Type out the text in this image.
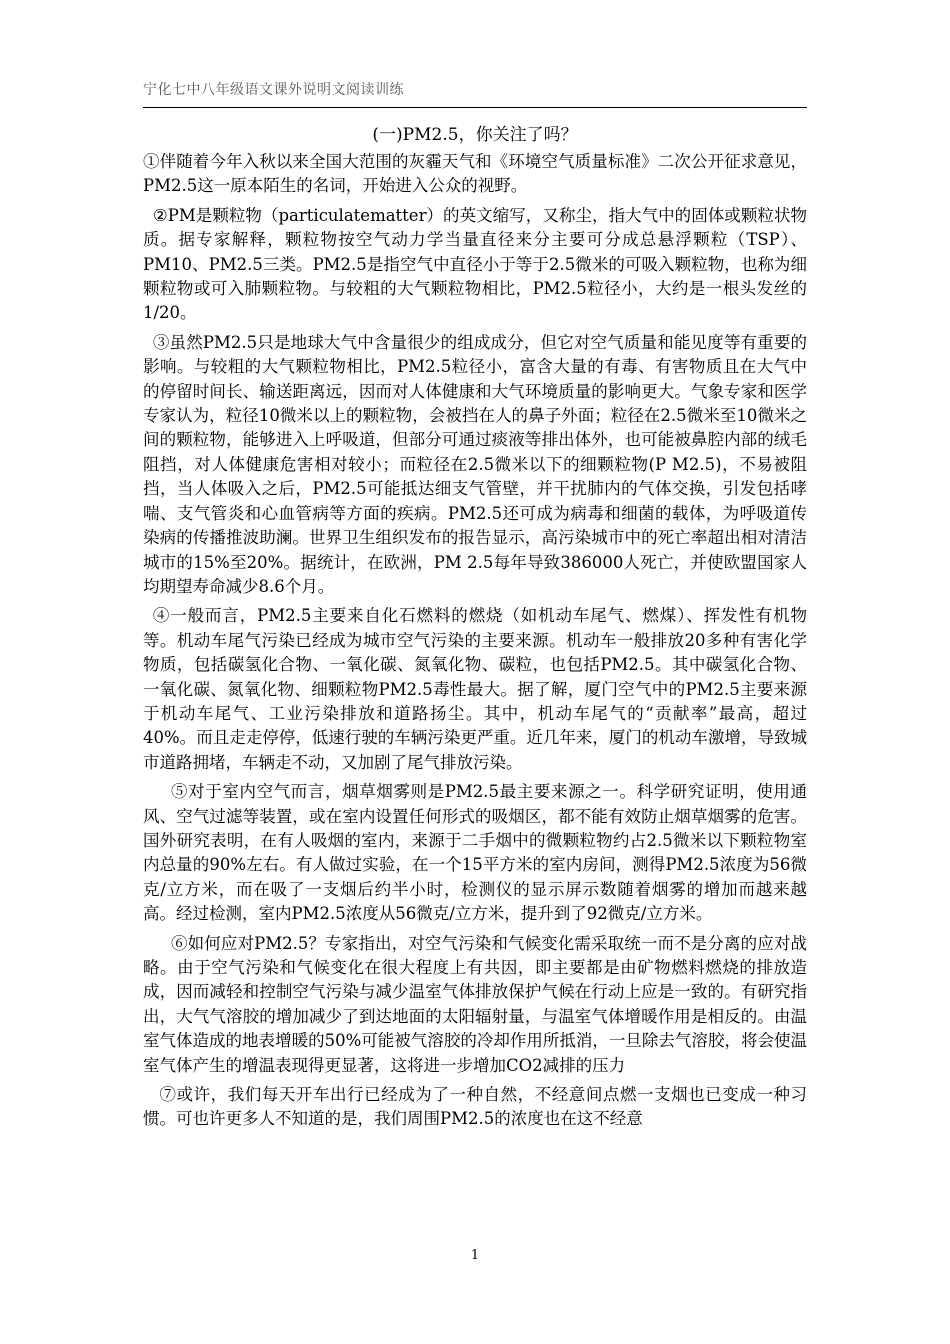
宁化七中八年级语文课外说明文阅读训练
(一)PM2.5，你关注了吗？

①伴随着今年入秋以来全国大范围的灰霾天气和《环境空气质量标准》二次公开征求意见，PM2.5这一原本陌生的名词，开始进入公众的视野。

②PM是颗粒物（particulatematter）的英文缩写，又称尘，指大气中的固体或颗粒状物质。据专家解释，颗粒物按空气动力学当量直径来分主要可分成总悬浮颗粒（TSP）、PM10、PM2.5三类。PM2.5是指空气中直径小于等于2.5微米的可吸入颗粒物，也称为细颗粒物或可入肺颗粒物。与较粗的大气颗粒物相比，PM2.5粒径小，大约是一根头发丝的1/20。

③虽然PM2.5只是地球大气中含量很少的组成成分，但它对空气质量和能见度等有重要的影响。与较粗的大气颗粒物相比，PM2.5粒径小，富含大量的有毒、有害物质且在大气中的停留时间长、输送距离远，因而对人体健康和大气环境质量的影响更大。气象专家和医学专家认为，粒径10微米以上的颗粒物，会被挡在人的鼻子外面；粒径在2.5微米至10微米之间的颗粒物，能够进入上呼吸道，但部分可通过痰液等排出体外，也可能被鼻腔内部的绒毛阻挡，对人体健康危害相对较小；而粒径在2.5微米以下的细颗粒物(P M2.5)，不易被阻挡，当人体吸入之后，PM2.5可能抵达细支气管壁，并干扰肺内的气体交换，引发包括哮喘、支气管炎和心血管病等方面的疾病。PM2.5还可成为病毒和细菌的载体，为呼吸道传染病的传播推波助澜。世界卫生组织发布的报告显示，高污染城市中的死亡率超出相对清洁城市的15%至20%。据统计，在欧洲，PM 2.5每年导致386000人死亡，并使欧盟国家人均期望寿命减少8.6个月。

④一般而言，PM2.5主要来自化石燃料的燃烧（如机动车尾气、燃煤）、挥发性有机物等。机动车尾气污染已经成为城市空气污染的主要来源。机动车一般排放20多种有害化学物质，包括碳氢化合物、一氧化碳、氮氧化物、碳粒，也包括PM2.5。其中碳氢化合物、一氧化碳、氮氧化物、细颗粒物PM2.5毒性最大。据了解，厦门空气中的PM2.5主要来源于机动车尾气、工业污染排放和道路扬尘。其中，机动车尾气的“贡献率”最高，超过40%。而且走走停停，低速行驶的车辆污染更严重。近几年来，厦门的机动车激增，导致城市道路拥堵，车辆走不动，又加剧了尾气排放污染。

⑤对于室内空气而言，烟草烟雾则是PM2.5最主要来源之一。科学研究证明，使用通风、空气过滤等装置，或在室内设置任何形式的吸烟区，都不能有效防止烟草烟雾的危害。国外研究表明，在有人吸烟的室内，来源于二手烟中的微颗粒物约占2.5微米以下颗粒物室内总量的90%左右。有人做过实验，在一个15平方米的室内房间，测得PM2.5浓度为56微克/立方米，而在吸了一支烟后约半小时，检测仪的显示屏示数随着烟雾的增加而越来越高。经过检测，室内PM2.5浓度从56微克/立方米，提升到了92微克/立方米。

⑥如何应对PM2.5？专家指出，对空气污染和气候变化需采取统一而不是分离的应对战略。由于空气污染和气候变化在很大程度上有共因，即主要都是由矿物燃料燃烧的排放造成，因而减轻和控制空气污染与减少温室气体排放保护气候在行动上应是一致的。有研究指出，大气气溶胶的增加减少了到达地面的太阳辐射量，与温室气体增暖作用是相反的。由温室气体造成的地表增暖的50%可能被气溶胶的冷却作用所抵消，一旦除去气溶胶，将会使温室气体产生的增温表现得更显著，这将进一步增加CO2减排的压力

⑦或许，我们每天开车出行已经成为了一种自然，不经意间点燃一支烟也已变成一种习惯。可也许更多人不知道的是，我们周围PM2.5的浓度也在这不经意

1
